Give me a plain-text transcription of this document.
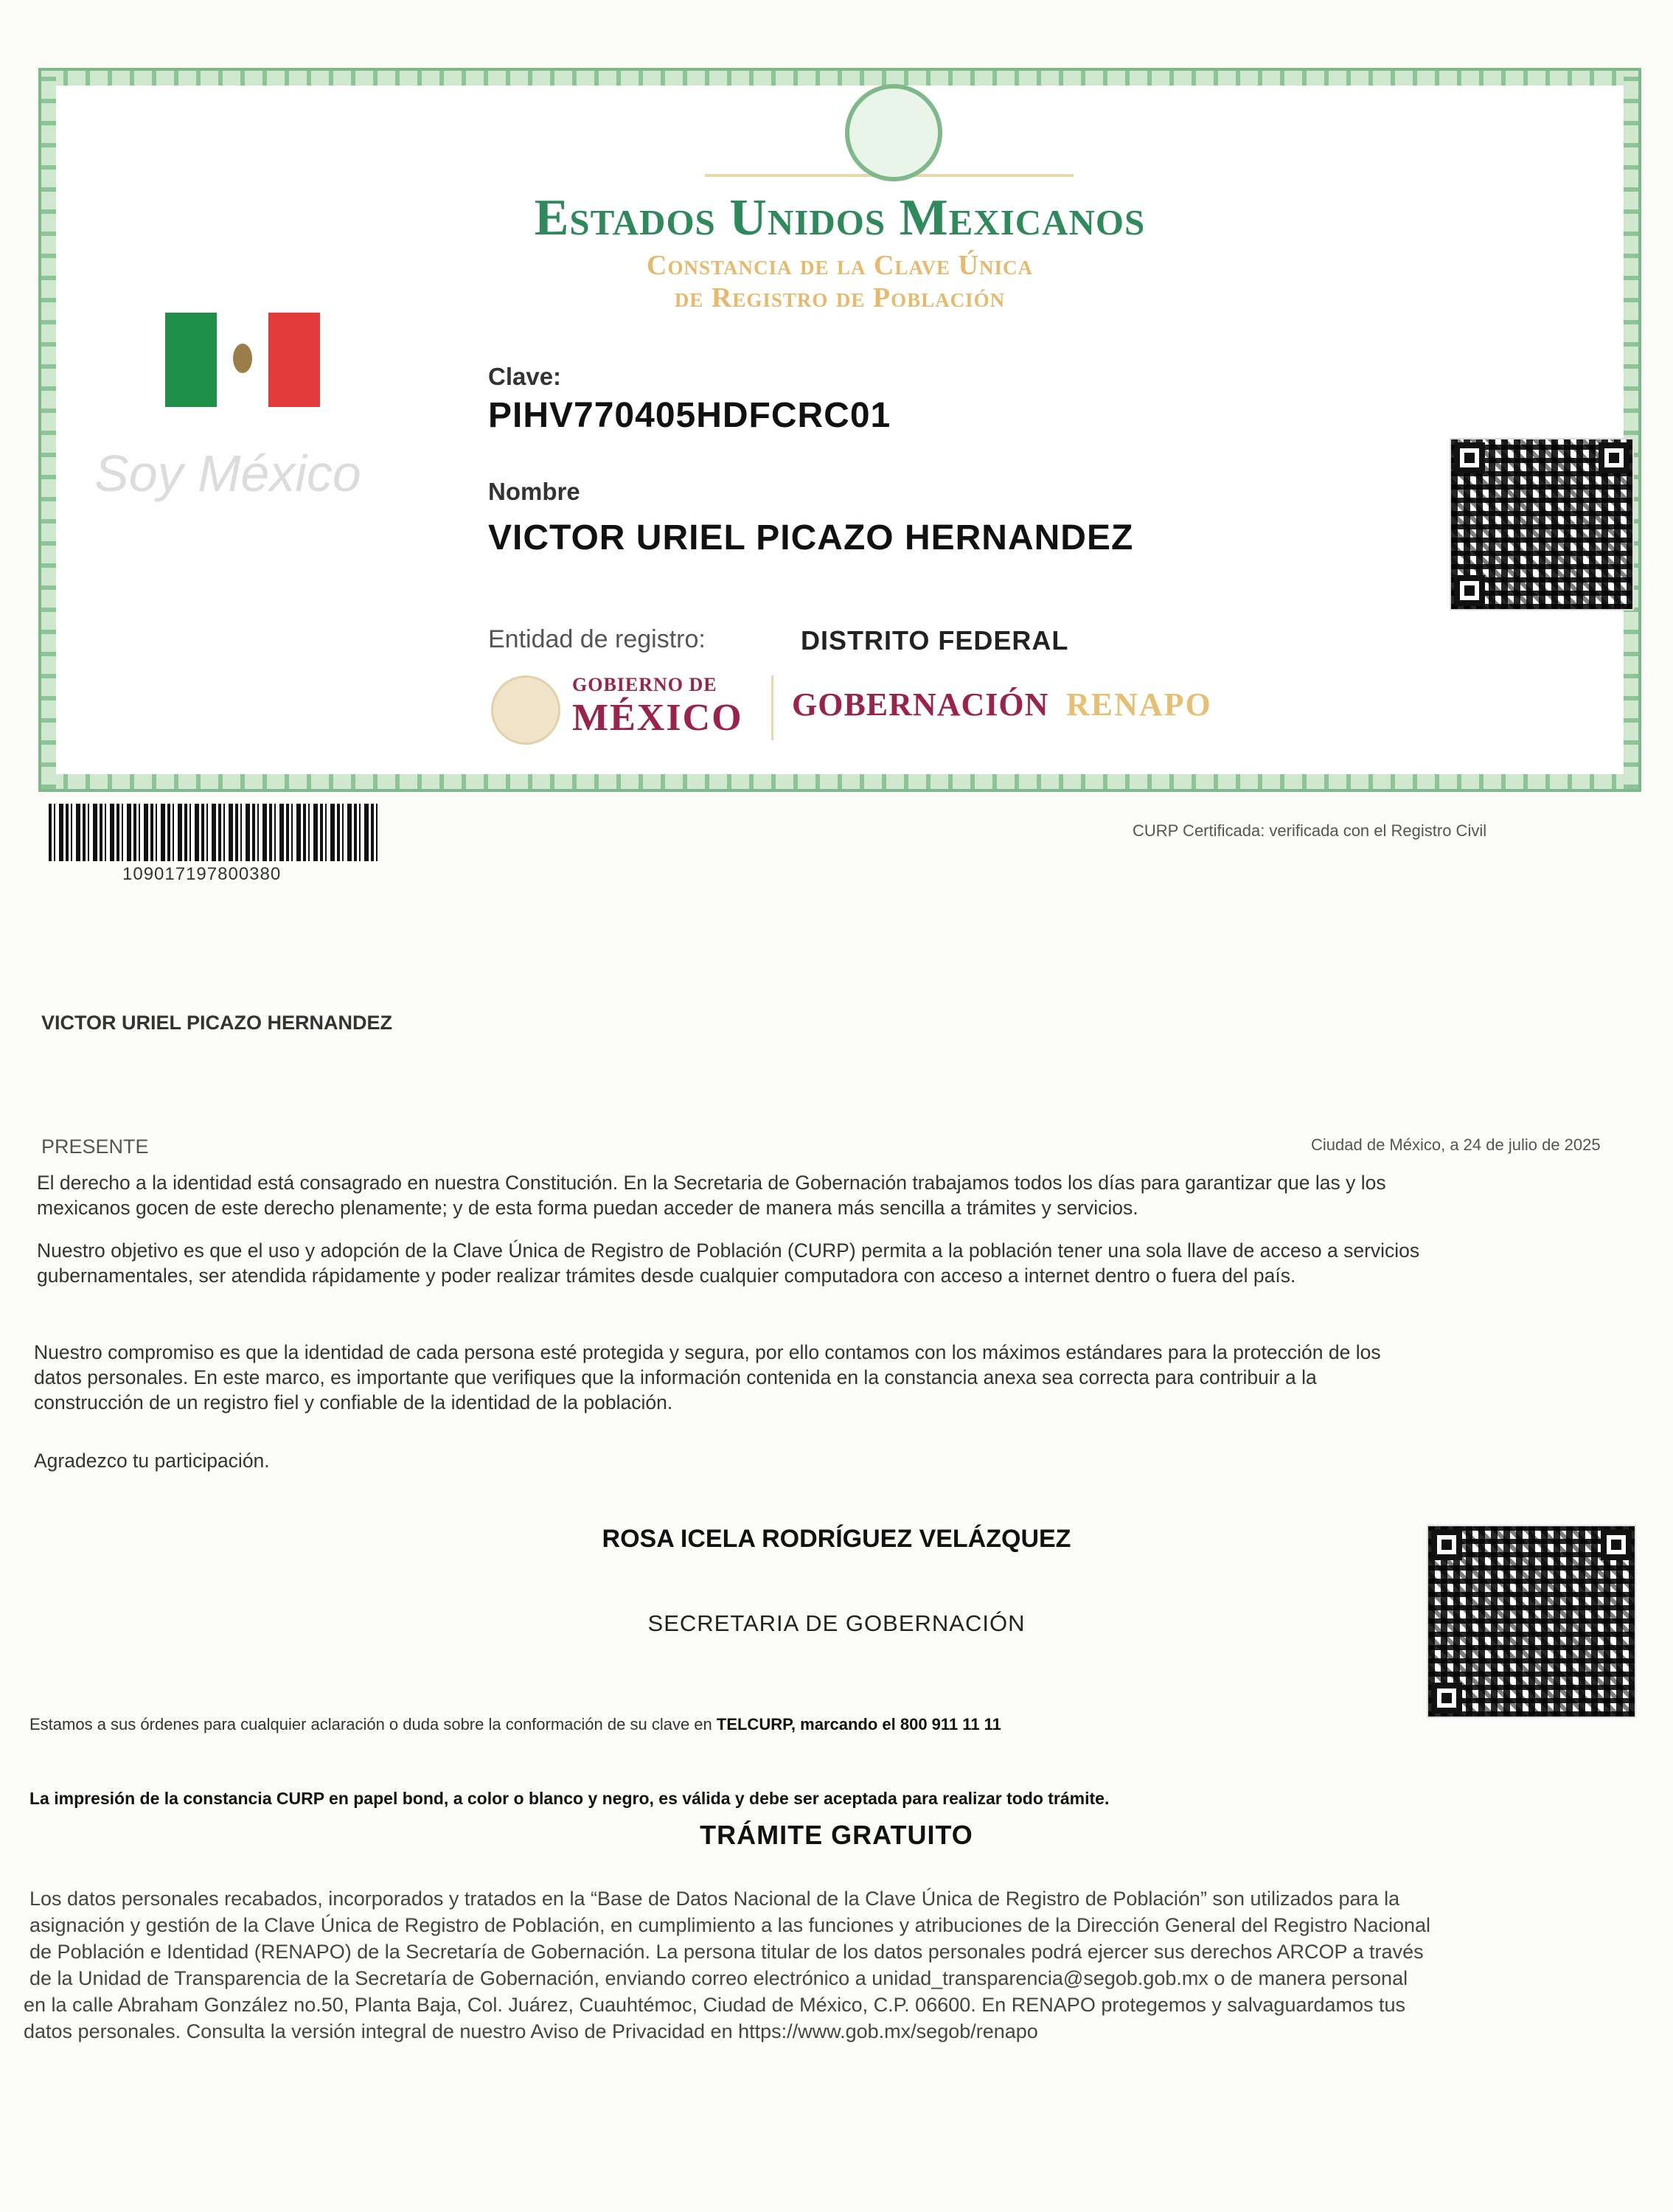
Estados Unidos Mexicanos
Constancia de la Clave Única
de Registro de Población
Soy México
Clave:
PIHV770405HDFCRC01
Nombre
VICTOR URIEL PICAZO HERNANDEZ
Entidad de registro:	DISTRITO FEDERAL
GOBIERNO DE
MÉXICO GOBERNACIÓN RENAPO
109017197800380
CURP Certificada: verificada con el Registro Civil
VICTOR URIEL PICAZO HERNANDEZ
PRESENTE	Ciudad de México, a 24 de julio de 2025
El derecho a la identidad está consagrado en nuestra Constitución. En la Secretaria de Gobernación trabajamos todos los días para garantizar que las y los
mexicanos gocen de este derecho plenamente; y de esta forma puedan acceder de manera más sencilla a trámites y servicios.
Nuestro objetivo es que el uso y adopción de la Clave Única de Registro de Población (CURP) permita a la población tener una sola llave de acceso a servicios
gubernamentales, ser atendida rápidamente y poder realizar trámites desde cualquier computadora con acceso a internet dentro o fuera del país.
Nuestro compromiso es que la identidad de cada persona esté protegida y segura, por ello contamos con los máximos estándares para la protección de los
datos personales. En este marco, es importante que verifiques que la información contenida en la constancia anexa sea correcta para contribuir a la
construcción de un registro fiel y confiable de la identidad de la población.
Agradezco tu participación.
ROSA ICELA RODRÍGUEZ VELÁZQUEZ
SECRETARIA DE GOBERNACIÓN
Estamos a sus órdenes para cualquier aclaración o duda sobre la conformación de su clave en TELCURP, marcando el 800 911 11 11
La impresión de la constancia CURP en papel bond, a color o blanco y negro, es válida y debe ser aceptada para realizar todo trámite.
TRÁMITE GRATUITO
Los datos personales recabados, incorporados y tratados en la “Base de Datos Nacional de la Clave Única de Registro de Población” son utilizados para la
asignación y gestión de la Clave Única de Registro de Población, en cumplimiento a las funciones y atribuciones de la Dirección General del Registro Nacional
de Población e Identidad (RENAPO) de la Secretaría de Gobernación. La persona titular de los datos personales podrá ejercer sus derechos ARCOP a través
de la Unidad de Transparencia de la Secretaría de Gobernación, enviando correo electrónico a unidad_transparencia@segob.gob.mx o de manera personal
en la calle Abraham González no.50, Planta Baja, Col. Juárez, Cuauhtémoc, Ciudad de México, C.P. 06600. En RENAPO protegemos y salvaguardamos tus
datos personales. Consulta la versión integral de nuestro Aviso de Privacidad en https://www.gob.mx/segob/renapo
